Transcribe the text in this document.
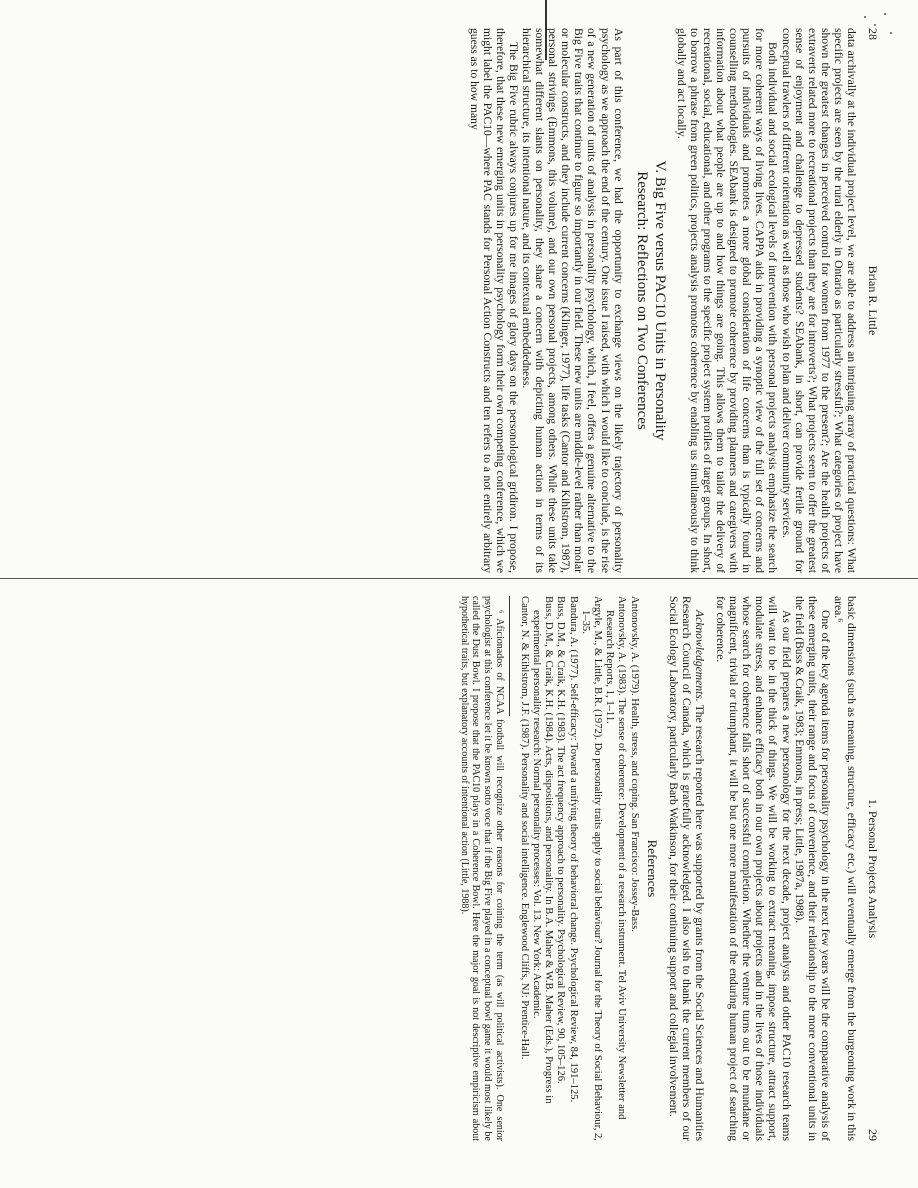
28
Brian R. Little

data archivally at the individual project level, we are able to address an intriguing array of practical questions: What specific projects are seen by the rural elderly in Ontario as particularly stressful?; What categories of project have shown the greatest changes in perceived control for women from 1977 to the present?; Are the health projects of extraverts related more to recreational projects than they are for introverts?; What projects seem to offer the greatest sense of enjoyment and challenge to depressed students? SEAbank, in short, can provide fertile ground for conceptual trawlers of different orientation as well as those who wish to plan and deliver community services.

Both individual and social ecological levels of intervention with personal projects analysis emphasize the search for more coherent ways of living lives. CAPPA aids in providing a synoptic view of the full set of concerns and pursuits of individuals and promotes a more global consideration of life concerns than is typically found in counselling methodologies. SEAbank is designed to promote coherence by providing planners and caregivers with information about what people are up to and how things are going. This allows them to tailor the delivery of recreational, social, educational, and other programs to the specific project system profiles of target groups. In short, to borrow a phrase from green politics, projects analysis promotes coherence by enabling us simultaneously to think globally and act locally.

V. Big Five versus PAC10 Units in Personality
Research: Reflections on Two Conferences

As part of this conference, we had the opportunity to exchange views on the likely trajectory of personality psychology as we approach the end of the century. One issue I raised, with which I would like to conclude, is the rise of a new generation of units of analysis in personality psychology, which, I feel, offers a genuine alternative to the Big Five traits that continue to figure so importantly in our field. These new units are middle-level rather than molar or molecular constructs, and they include current concerns (Klinger, 1977), life tasks (Cantor and Kihlstrom, 1987), personal strivings (Emmons, this volume), and our own personal projects, among others. While these units take somewhat different slants on personality, they share a concern with depicting human action in terms of its hierarchical structure, its intentional nature, and its contextual embeddedness.

The Big Five rubric always conjures up for me images of glory days on the personological gridiron. I propose, therefore, that these new emerging units in personality psychology form their own competing conference, which we might label the PAC10—where PAC stands for Personal Action Constructs and ten refers to a not entirely arbitrary guess as to how many

1. Personal Projects Analysis
29

basic dimensions (such as meaning, structure, efficacy etc.) will eventually emerge from the burgeoning work in this area.⁶

One of the key agenda items for personality psychology in the next few years will be the comparative analysis of these emerging units, their range and focus of convenience, and their relationship to the more conventional units in the field (Buss & Craik, 1983; Emmons, in press; Little, 1987a, 1988).

As our field prepares a new personology for the next decade, project analysts and other PAC10 research teams will want to be in the thick of things. We will be working to extract meaning, impose structure, attract support, modulate stress, and enhance efficacy both in our own projects about projects and in the lives of those individuals whose search for coherence falls short of successful completion. Whether the venture turns out to be mundane or magnificent, trivial or triumphant, it will be but one more manifestation of the enduring human project of searching for coherence.

Acknowledgements. The research reported here was supported by grants from the Social Sciences and Humanities Research Council of Canada, which is gratefully acknowledged. I also wish to thank the current members of our Social Ecology Laboratory, particularly Barb Watkinson, for their continuing support and collegial involvement.

References

Antonovsky, A. (1979). Health, stress, and coping. San Francisco: Jossey-Bass.

Antonovsky, A. (1983). The sense of coherence: Development of a research instrument. Tel Aviv University Newsletter and Research Reports, 1, 1–11.

Argyle, M., & Little, B.R. (1972). Do personality traits apply to social behaviour? Journal for the Theory of Social Behaviour, 2, 1–35.

Bandura, A. (1977). Self-efficacy: Toward a unifying theory of behavioral change. Psychological Review, 84, 191–125.

Buss, D.M., & Craik, K.H. (1983). The act frequency approach to personality. Psychological Review, 90, 105–126.

Buss, D.M., & Craik, K.H. (1984). Acts, dispositions, and personality. In B.A. Maher & W.B. Maher (Eds.), Progress in experimental personality research: Normal personality processes: Vol. 13. New York: Academic.

Cantor, N. & Kihlstrom, J.F. (1987). Personality and social intelligence. Englewood Cliffs, NJ: Prentice-Hall.

⁶ Aficionados of NCAA football will recognize other reasons for coining the term (as will political activists). One senior psychologist at this conference let it be known sotto voce that if the Big Five played in a conceptual bowl game it would most likely be called the Dust Bowl. I propose that the PAC10 plays in a Coherence Bowl. Here the major goal is not descriptive empiricism about hypothetical traits, but explanatory accounts of intentional action (Little, 1988).
